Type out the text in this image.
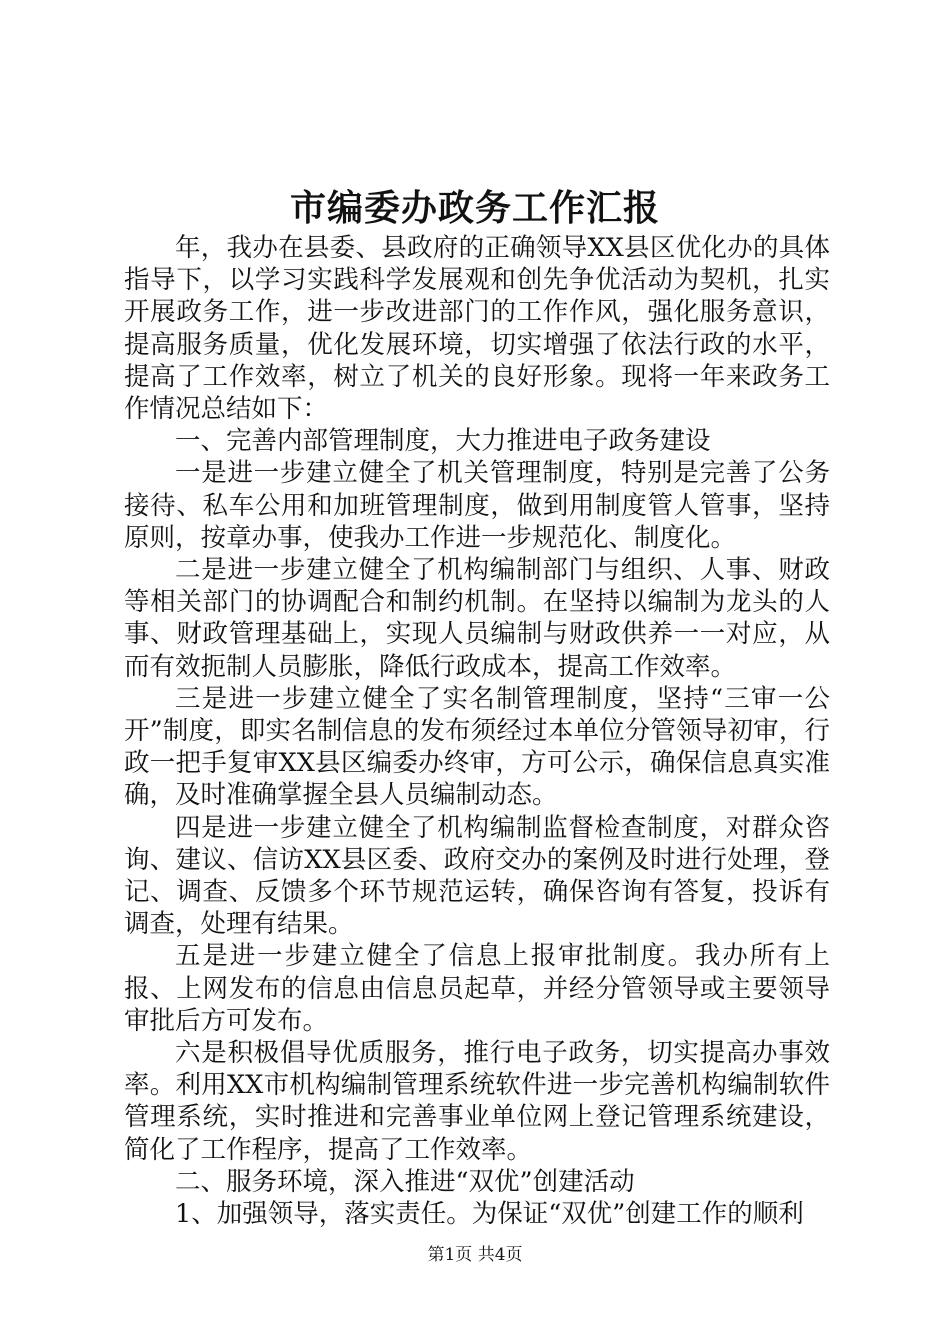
市编委办政务工作汇报

年，我办在县委、县政府的正确领导XX县区优化办的具体指导下，以学习实践科学发展观和创先争优活动为契机，扎实开展政务工作，进一步改进部门的工作作风，强化服务意识，提高服务质量，优化发展环境，切实增强了依法行政的水平，提高了工作效率，树立了机关的良好形象。现将一年来政务工作情况总结如下：

一、完善内部管理制度，大力推进电子政务建设

一是进一步建立健全了机关管理制度，特别是完善了公务接待、私车公用和加班管理制度，做到用制度管人管事，坚持原则，按章办事，使我办工作进一步规范化、制度化。

二是进一步建立健全了机构编制部门与组织、人事、财政等相关部门的协调配合和制约机制。在坚持以编制为龙头的人事、财政管理基础上，实现人员编制与财政供养一一对应，从而有效扼制人员膨胀，降低行政成本，提高工作效率。

三是进一步建立健全了实名制管理制度，坚持“三审一公开”制度，即实名制信息的发布须经过本单位分管领导初审，行政一把手复审XX县区编委办终审，方可公示，确保信息真实准确，及时准确掌握全县人员编制动态。

四是进一步建立健全了机构编制监督检查制度，对群众咨询、建议、信访XX县区委、政府交办的案例及时进行处理，登记、调查、反馈多个环节规范运转，确保咨询有答复，投诉有调查，处理有结果。

五是进一步建立健全了信息上报审批制度。我办所有上报、上网发布的信息由信息员起草，并经分管领导或主要领导审批后方可发布。

六是积极倡导优质服务，推行电子政务，切实提高办事效率。利用XX市机构编制管理系统软件进一步完善机构编制软件管理系统，实时推进和完善事业单位网上登记管理系统建设，简化了工作程序，提高了工作效率。

二、服务环境，深入推进“双优”创建活动

1、加强领导，落实责任。为保证“双优”创建工作的顺利

第1页 共4页
